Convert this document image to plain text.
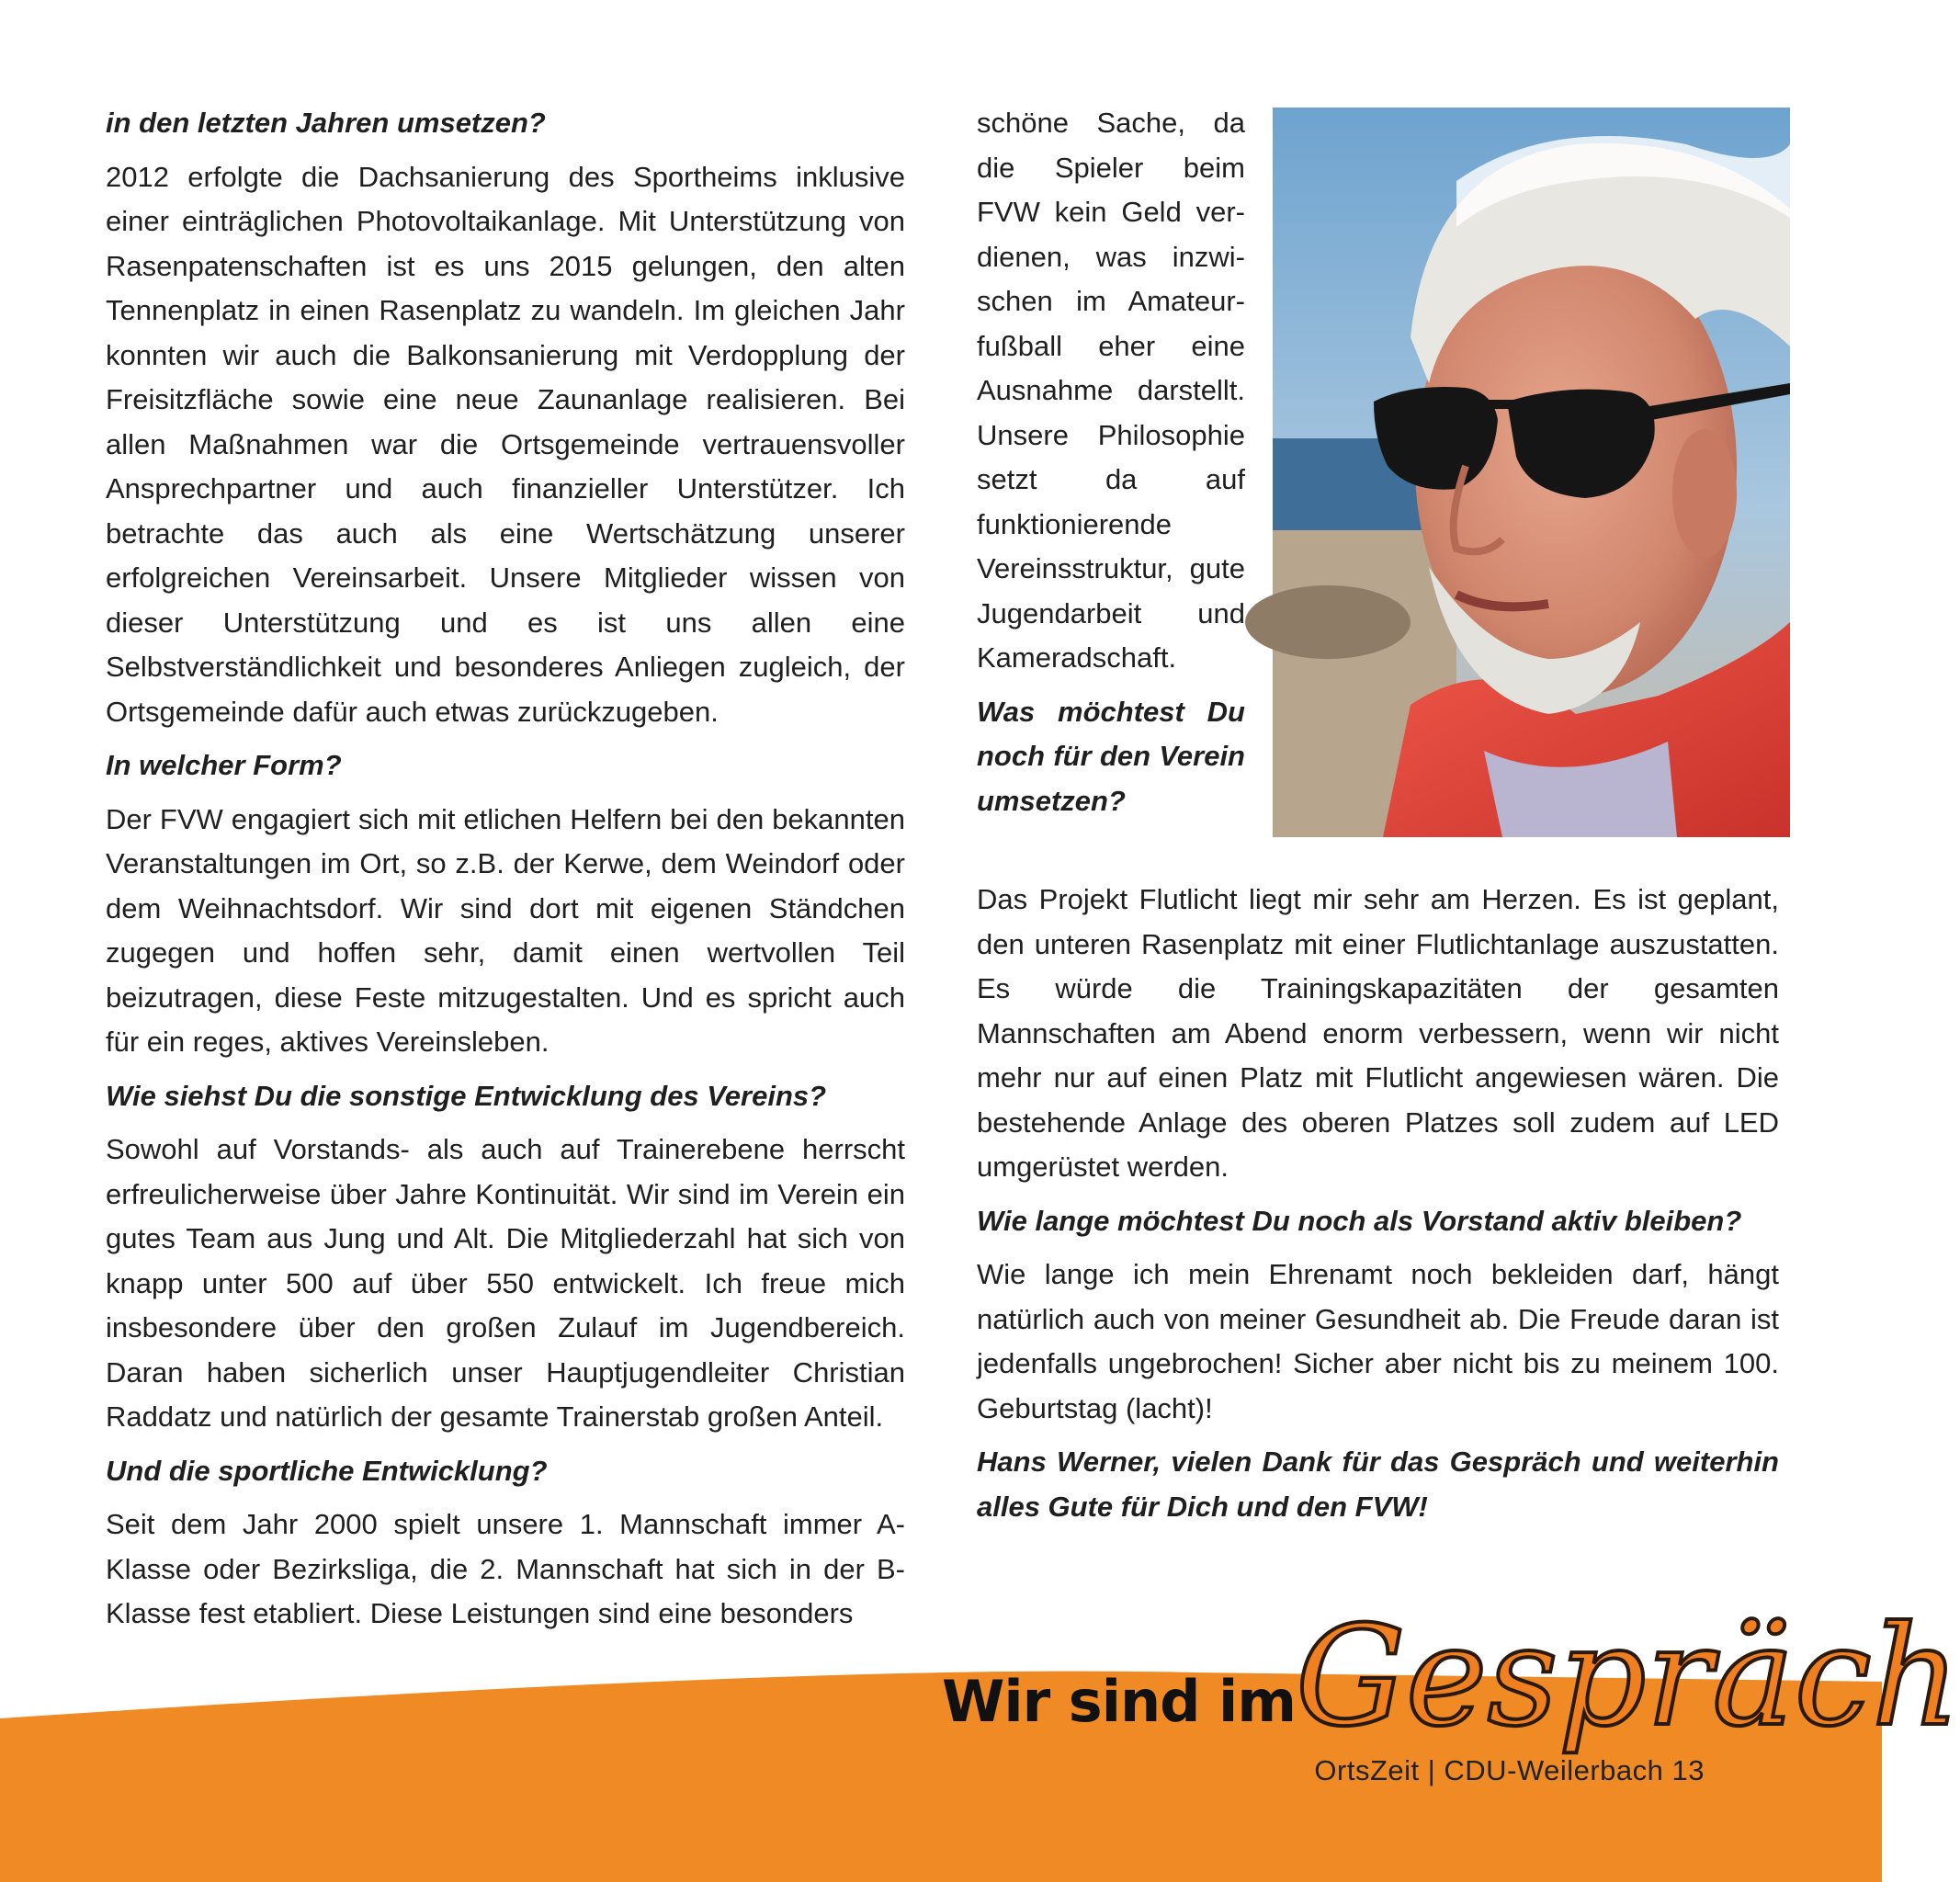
in den letzten Jahren umsetzen?
2012 erfolgte die Dachsanierung des Sportheims inklusive einer einträglichen Photovoltaikanlage. Mit Unterstützung von Rasenpatenschaften ist es uns 2015 gelungen, den alten Tennenplatz in einen Rasenplatz zu wandeln. Im gleichen Jahr konnten wir auch die Balkonsanierung mit Verdopplung der Freisitzfläche sowie eine neue Zaunanlage realisieren. Bei allen Maßnahmen war die Ortsgemeinde vertrauensvoller Ansprechpartner und auch finanzieller Unterstützer. Ich betrachte das auch als eine Wertschätzung unserer erfolgreichen Vereinsarbeit. Unsere Mitglieder wissen von dieser Unterstützung und es ist uns allen eine Selbstverständlichkeit und besonderes Anliegen zugleich, der Ortsgemeinde dafür auch etwas zurückzugeben.
In welcher Form?
Der FVW engagiert sich mit etlichen Helfern bei den bekannten Veranstaltungen im Ort, so z.B. der Kerwe, dem Weindorf oder dem Weihnachtsdorf. Wir sind dort mit eigenen Ständchen zugegen und hoffen sehr, damit einen wertvollen Teil beizutragen, diese Feste mitzugestalten. Und es spricht auch für ein reges, aktives Vereinsleben.
Wie siehst Du die sonstige Entwicklung des Vereins?
Sowohl auf Vorstands- als auch auf Trainerebene herrscht erfreulicherweise über Jahre Kontinuität. Wir sind im Verein ein gutes Team aus Jung und Alt. Die Mitgliederzahl hat sich von knapp unter 500 auf über 550 entwickelt. Ich freue mich insbesondere über den großen Zulauf im Jugendbereich. Daran haben sicherlich unser Hauptjugendleiter Christian Raddatz und natürlich der gesamte Trainerstab großen Anteil.
Und die sportliche Entwicklung?
Seit dem Jahr 2000 spielt unsere 1. Mannschaft immer A-Klasse oder Bezirksliga, die 2. Mannschaft hat sich in der B-Klasse fest etabliert. Diese Leistungen sind eine besonders
schöne Sache, da die Spieler beim FVW kein Geld verdienen, was inzwischen im Amateurfußball eher eine Ausnahme darstellt. Unsere Philosophie setzt da auf funktionierende Vereinsstruktur, gute Jugendarbeit und Kameradschaft.
Was möchtest Du noch für den Verein umsetzen?
Das Projekt Flutlicht liegt mir sehr am Herzen. Es ist geplant, den unteren Rasenplatz mit einer Flutlichtanlage auszustatten. Es würde die Trainingskapazitäten der gesamten Mannschaften am Abend enorm verbessern, wenn wir nicht mehr nur auf einen Platz mit Flutlicht angewiesen wären. Die bestehende Anlage des oberen Platzes soll zudem auf LED umgerüstet werden.
Wie lange möchtest Du noch als Vorstand aktiv bleiben?
Wie lange ich mein Ehrenamt noch bekleiden darf, hängt natürlich auch von meiner Gesundheit ab. Die Freude daran ist jedenfalls ungebrochen! Sicher aber nicht bis zu meinem 100. Geburtstag (lacht)!
Hans Werner, vielen Dank für das Gespräch und weiterhin alles Gute für Dich und den FVW!
Wir sind im Gespräch
OrtsZeit | CDU-Weilerbach 13
